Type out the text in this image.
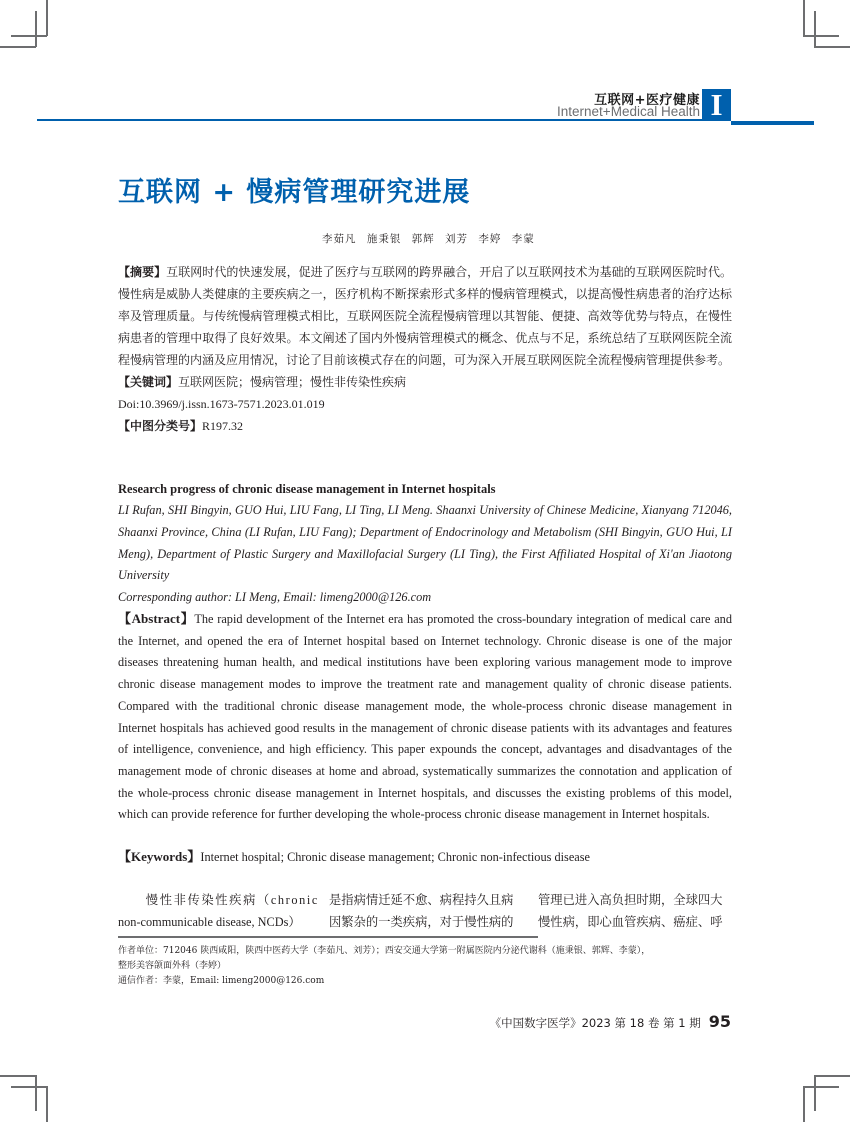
互联网+医疗健康
Internet+Medical Health I
互联网 + 慢病管理研究进展
李茹凡 施秉银 郭辉 刘芳 李婷 李蒙

【摘要】互联网时代的快速发展，促进了医疗与互联网的跨界融合，开启了以互联网技术为基础的互联网医院时代。慢性病是威胁人类健康的主要疾病之一，医疗机构不断探索形式多样的慢病管理模式，以提高慢性病患者的治疗达标率及管理质量。与传统慢病管理模式相比，互联网医院全流程慢病管理以其智能、便捷、高效等优势与特点，在慢性病患者的管理中取得了良好效果。本文阐述了国内外慢病管理模式的概念、优点与不足，系统总结了互联网医院全流程慢病管理的内涵及应用情况，讨论了目前该模式存在的问题，可为深入开展互联网医院全流程慢病管理提供参考。

【关键词】互联网医院；慢病管理；慢性非传染性疾病

Doi:10.3969/j.issn.1673-7571.2023.01.019

【中图分类号】R197.32

Research progress of chronic disease management in Internet hospitals
LI Rufan, SHI Bingyin, GUO Hui, LIU Fang, LI Ting, LI Meng. Shaanxi University of Chinese Medicine, Xianyang 712046, Shaanxi Province, China (LI Rufan, LIU Fang); Department of Endocrinology and Metabolism (SHI Bingyin, GUO Hui, LI Meng), Department of Plastic Surgery and Maxillofacial Surgery (LI Ting), the First Affiliated Hospital of Xi'an Jiaotong University
Corresponding author: LI Meng, Email: limeng2000@126.com
【Abstract】The rapid development of the Internet era has promoted the cross-boundary integration of medical care and the Internet, and opened the era of Internet hospital based on Internet technology. Chronic disease is one of the major diseases threatening human health, and medical institutions have been exploring various management mode to improve chronic disease management modes to improve the treatment rate and management quality of chronic disease patients. Compared with the traditional chronic disease management mode, the whole-process chronic disease management in Internet hospitals has achieved good results in the management of chronic disease patients with its advantages and features of intelligence, convenience, and high efficiency. This paper expounds the concept, advantages and disadvantages of the management mode of chronic diseases at home and abroad, systematically summarizes the connotation and application of the whole-process chronic disease management in Internet hospitals, and discusses the existing problems of this model, which can provide reference for further developing the whole-process chronic disease management in Internet hospitals.
【Keywords】Internet hospital; Chronic disease management; Chronic non-infectious disease

　　慢性非传染性疾病（chronic

non-communicable disease, NCDs）

是指病情迁延不愈、病程持久且病

因繁杂的一类疾病，对于慢性病的

管理已进入高负担时期，全球四大

慢性病，即心血管疾病、癌症、呼

作者单位：712046 陕西咸阳，陕西中医药大学（李茹凡、刘芳）；西安交通大学第一附属医院内分泌代谢科（施秉银、郭辉、李蒙），

整形美容颌面外科（李婷）

通信作者：李蒙，Email: limeng2000@126.com

《中国数字医学》2023 第 18 卷 第 1 期 95
